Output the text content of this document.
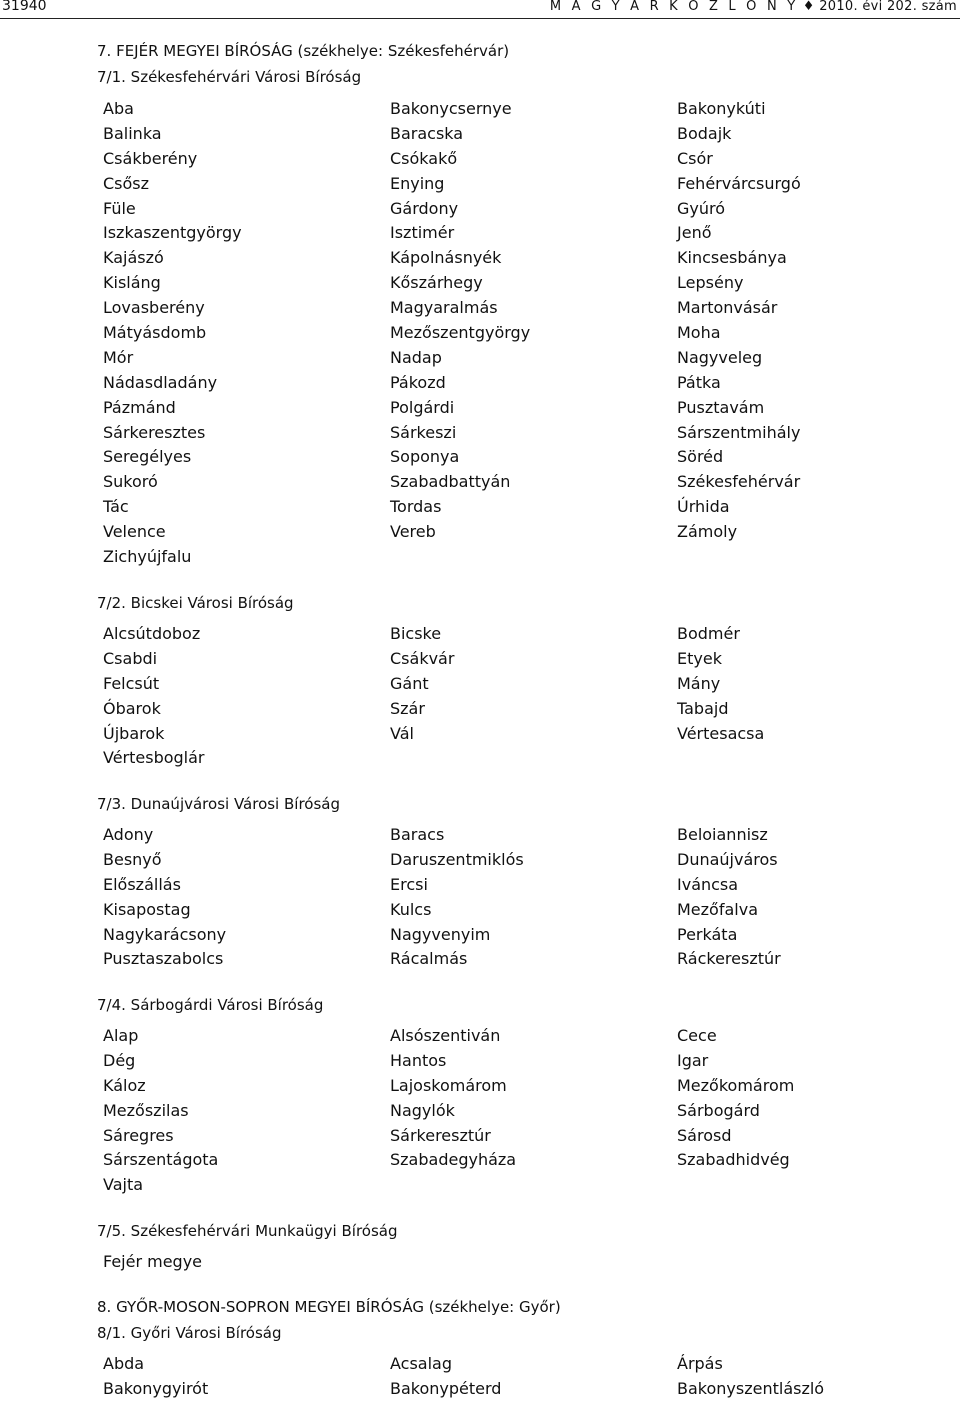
31940	M A G Y A R K Ö Z L Ö N Y ♦ 2010. évi 202. szám
7. FEJÉR MEGYEI BÍRÓSÁG (székhelye: Székesfehérvár)
7/1. Székesfehérvári Városi Bíróság
Aba	Bakonycsernye	Bakonykúti
Balinka	Baracska	Bodajk
Csákberény	Csókakő	Csór
Csősz	Enying	Fehérvárcsurgó
Füle	Gárdony	Gyúró
Iszkaszentgyörgy	Isztimér	Jenő
Kajászó	Kápolnásnyék	Kincsesbánya
Kisláng	Kőszárhegy	Lepsény
Lovasberény	Magyaralmás	Martonvásár
Mátyásdomb	Mezőszentgyörgy	Moha
Mór	Nadap	Nagyveleg
Nádasdladány	Pákozd	Pátka
Pázmánd	Polgárdi	Pusztavám
Sárkeresztes	Sárkeszi	Sárszentmihály
Seregélyes	Soponya	Söréd
Sukoró	Szabadbattyán	Székesfehérvár
Tác	Tordas	Úrhida
Velence	Vereb	Zámoly
Zichyújfalu
7/2. Bicskei Városi Bíróság
Alcsútdoboz	Bicske	Bodmér
Csabdi	Csákvár	Etyek
Felcsút	Gánt	Mány
Óbarok	Szár	Tabajd
Újbarok	Vál	Vértesacsa
Vértesboglár
7/3. Dunaújvárosi Városi Bíróság
Adony	Baracs	Beloiannisz
Besnyő	Daruszentmiklós	Dunaújváros
Előszállás	Ercsi	Iváncsa
Kisapostag	Kulcs	Mezőfalva
Nagykarácsony	Nagyvenyim	Perkáta
Pusztaszabolcs	Rácalmás	Ráckeresztúr
7/4. Sárbogárdi Városi Bíróság
Alap	Alsószentiván	Cece
Dég	Hantos	Igar
Káloz	Lajoskomárom	Mezőkomárom
Mezőszilas	Nagylók	Sárbogárd
Sáregres	Sárkeresztúr	Sárosd
Sárszentágota	Szabadegyháza	Szabadhidvég
Vajta
7/5. Székesfehérvári Munkaügyi Bíróság
Fejér megye
8. GYŐR-MOSON-SOPRON MEGYEI BÍRÓSÁG (székhelye: Győr)
8/1. Győri Városi Bíróság
Abda	Acsalag	Árpás
Bakonygyirót	Bakonypéterd	Bakonyszentlászló
